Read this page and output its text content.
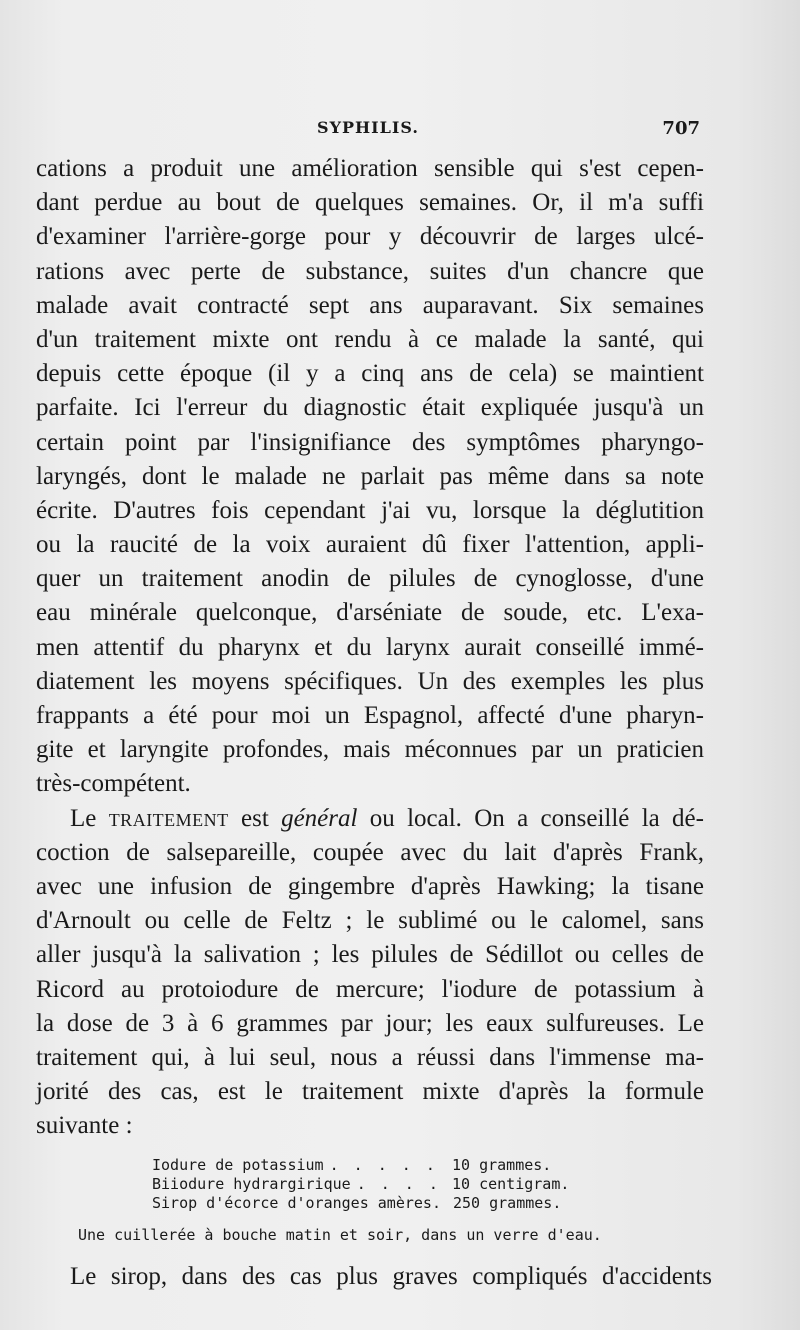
SYPHILIS.	707
cations a produit une amélioration sensible qui s'est cepen-
dant perdue au bout de quelques semaines. Or, il m'a suffi
d'examiner l'arrière-gorge pour y découvrir de larges ulcé-
rations avec perte de substance, suites d'un chancre que
malade avait contracté sept ans auparavant. Six semaines
d'un traitement mixte ont rendu à ce malade la santé, qui
depuis cette époque (il y a cinq ans de cela) se maintient
parfaite. Ici l'erreur du diagnostic était expliquée jusqu'à un
certain point par l'insignifiance des symptômes pharyngo-
laryngés, dont le malade ne parlait pas même dans sa note
écrite. D'autres fois cependant j'ai vu, lorsque la déglutition
ou la raucité de la voix auraient dû fixer l'attention, appli-
quer un traitement anodin de pilules de cynoglosse, d'une
eau minérale quelconque, d'arséniate de soude, etc. L'exa-
men attentif du pharynx et du larynx aurait conseillé immé-
diatement les moyens spécifiques. Un des exemples les plus
frappants a été pour moi un Espagnol, affecté d'une pharyn-
gite et laryngite profondes, mais méconnues par un praticien
très-compétent.
Le traitement est général ou local. On a conseillé la dé-
coction de salsepareille, coupée avec du lait d'après Frank,
avec une infusion de gingembre d'après Hawking; la tisane
d'Arnoult ou celle de Feltz ; le sublimé ou le calomel, sans
aller jusqu'à la salivation ; les pilules de Sédillot ou celles de
Ricord au protoiodure de mercure; l'iodure de potassium à
la dose de 3 à 6 grammes par jour; les eaux sulfureuses. Le
traitement qui, à lui seul, nous a réussi dans l'immense ma-
jorité des cas, est le traitement mixte d'après la formule
suivante :
Iodure de potassium . . . . . 10 grammes.
Biiodure hydrargirique . . . . 10 centigram.
Sirop d'écorce d'oranges amères. 250 grammes.
Une cuillerée à bouche matin et soir, dans un verre d'eau.
Le sirop, dans des cas plus graves compliqués d'accidents
